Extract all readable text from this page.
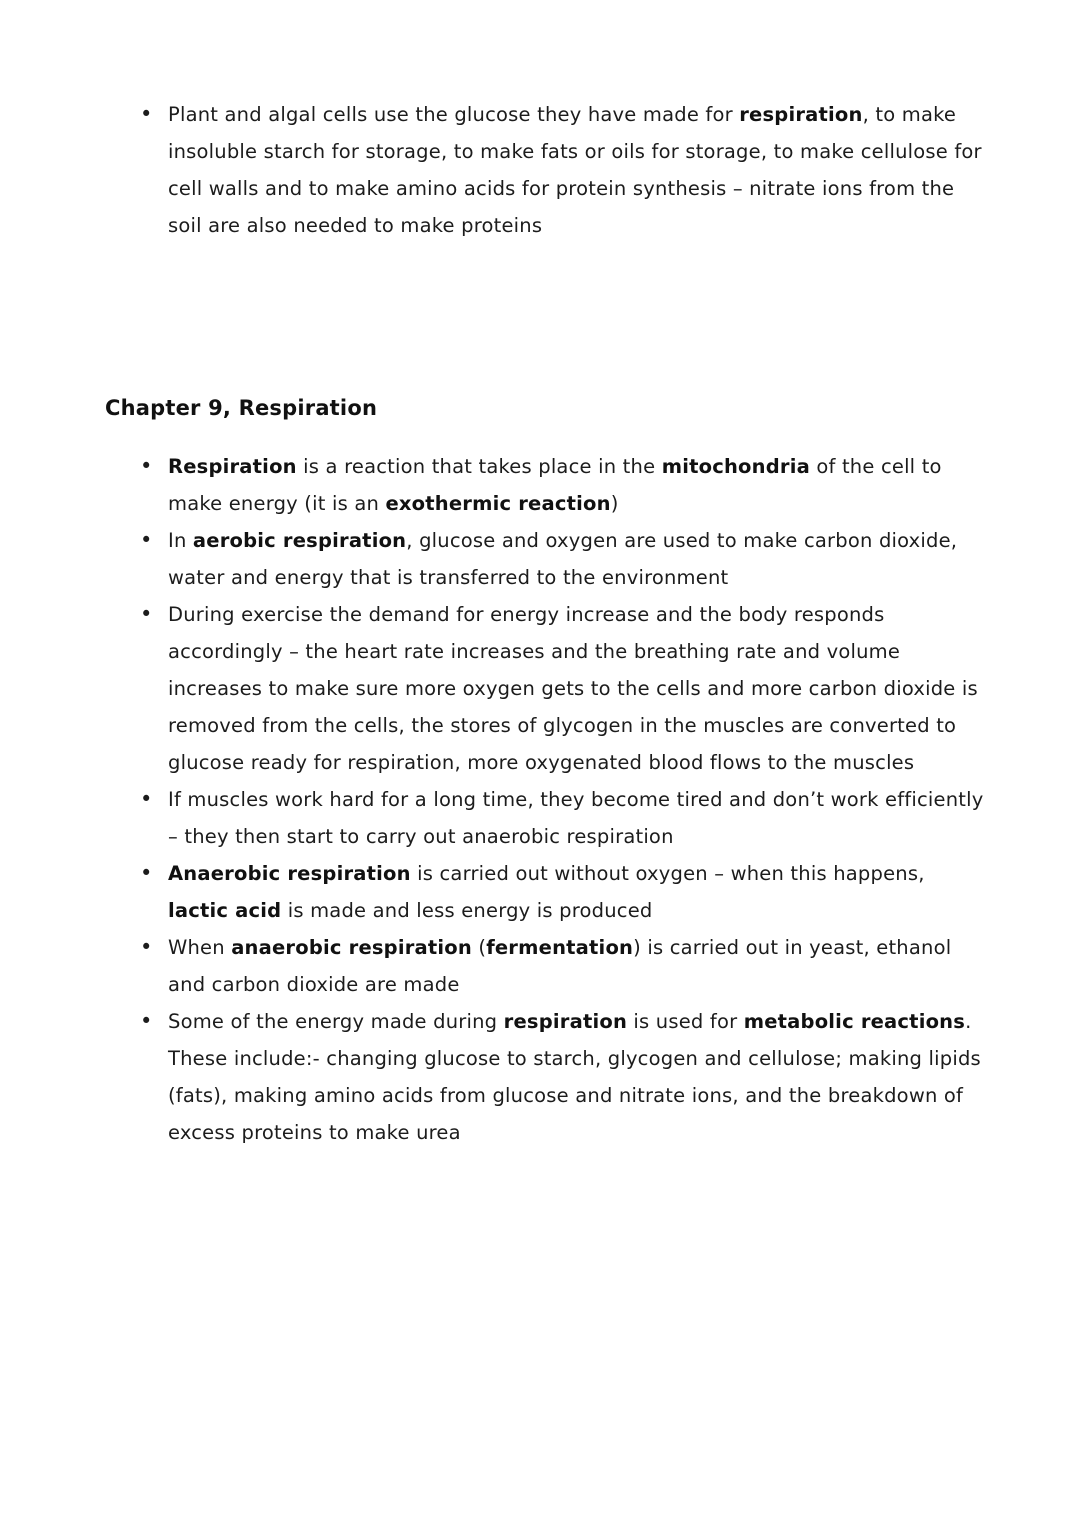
• Plant and algal cells use the glucose they have made for respiration, to make insoluble starch for storage, to make fats or oils for storage, to make cellulose for cell walls and to make amino acids for protein synthesis – nitrate ions from the soil are also needed to make proteins
Chapter 9, Respiration
• Respiration is a reaction that takes place in the mitochondria of the cell to make energy (it is an exothermic reaction)
• In aerobic respiration, glucose and oxygen are used to make carbon dioxide, water and energy that is transferred to the environment
• During exercise the demand for energy increase and the body responds accordingly – the heart rate increases and the breathing rate and volume increases to make sure more oxygen gets to the cells and more carbon dioxide is removed from the cells, the stores of glycogen in the muscles are converted to glucose ready for respiration, more oxygenated blood flows to the muscles
• If muscles work hard for a long time, they become tired and don’t work efficiently – they then start to carry out anaerobic respiration
• Anaerobic respiration is carried out without oxygen – when this happens, lactic acid is made and less energy is produced
• When anaerobic respiration (fermentation) is carried out in yeast, ethanol and carbon dioxide are made
• Some of the energy made during respiration is used for metabolic reactions. These include:- changing glucose to starch, glycogen and cellulose; making lipids (fats), making amino acids from glucose and nitrate ions, and the breakdown of excess proteins to make urea
